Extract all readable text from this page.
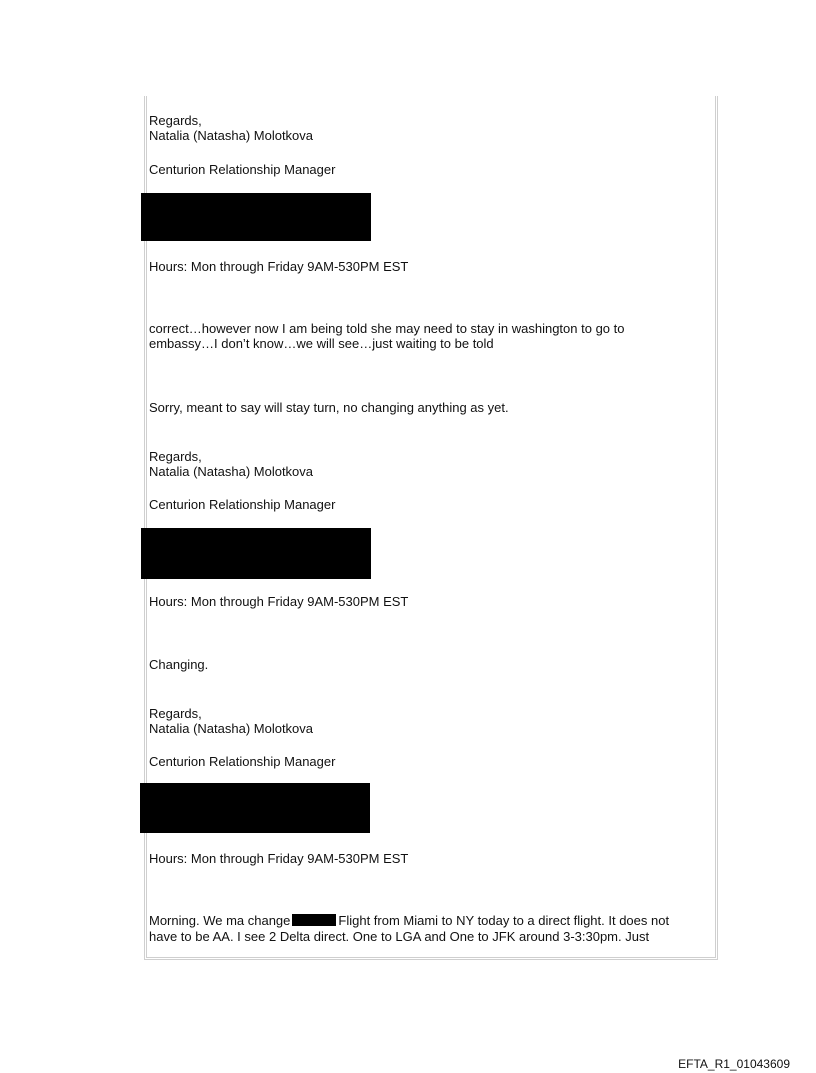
Regards,

Natalia (Natasha) Molotkova

Centurion Relationship Manager

Hours: Mon through Friday 9AM-530PM EST

correct…however now I am being told she may need to stay in washington to go to

embassy…I don’t know…we will see…just waiting to be told

Sorry, meant to say will stay turn, no changing anything as yet.

Regards,

Natalia (Natasha) Molotkova

Centurion Relationship Manager

Hours: Mon through Friday 9AM-530PM EST

Changing.

Regards,

Natalia (Natasha) Molotkova

Centurion Relationship Manager

Hours: Mon through Friday 9AM-530PM EST

Morning. We ma change	Flight from Miami to NY today to a direct flight. It does not

have to be AA. I see 2 Delta direct. One to LGA and One to JFK around 3-3:30pm. Just

EFTA_R1_01043609
